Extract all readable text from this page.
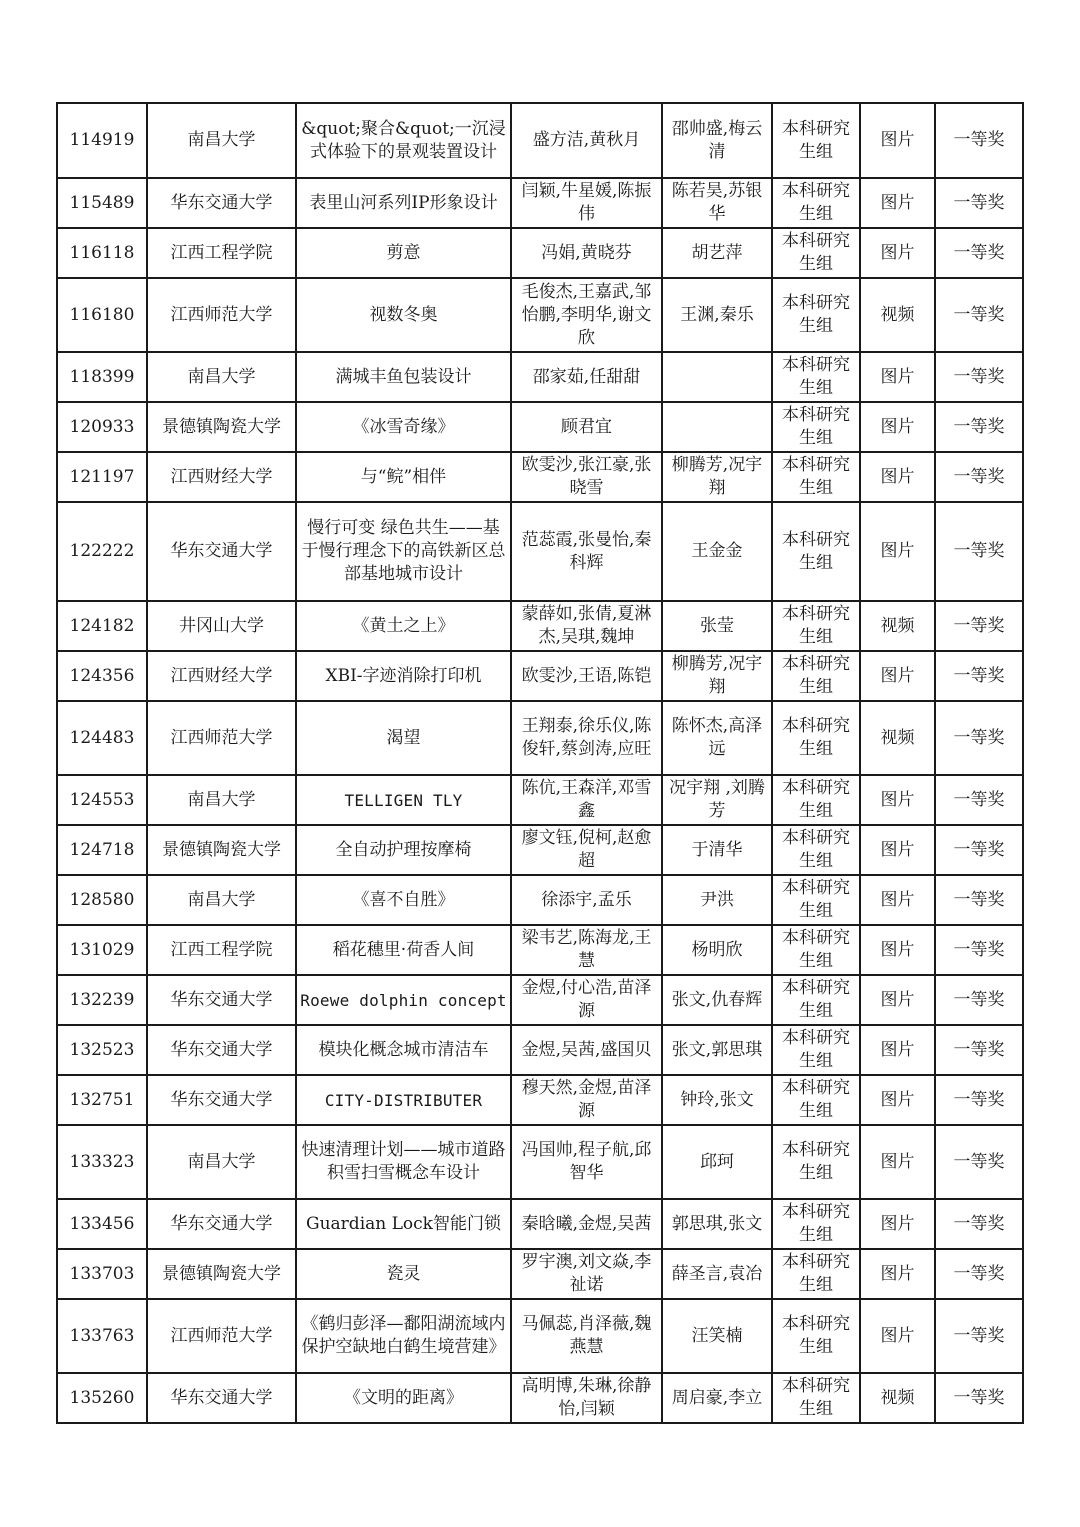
114919	南昌大学	&quot;聚合&quot;一沉浸式体验下的景观装置设计	盛方洁,黄秋月	邵帅盛,梅云清	本科研究生组	图片	一等奖
115489	华东交通大学	表里山河系列IP形象设计	闫颖,牛星媛,陈振伟	陈若昊,苏银华	本科研究生组	图片	一等奖
116118	江西工程学院	剪意	冯娟,黄晓芬	胡艺萍	本科研究生组	图片	一等奖
116180	江西师范大学	视数冬奥	毛俊杰,王嘉武,邹怡鹏,李明华,谢文欣	王渊,秦乐	本科研究生组	视频	一等奖
118399	南昌大学	满城丰鱼包装设计	邵家茹,任甜甜		本科研究生组	图片	一等奖
120933	景德镇陶瓷大学	《冰雪奇缘》	顾君宜		本科研究生组	图片	一等奖
121197	江西财经大学	与“鲩”相伴	欧雯沙,张江豪,张晓雪	柳腾芳,况宇翔	本科研究生组	图片	一等奖
122222	华东交通大学	慢行可变 绿色共生——基于慢行理念下的高铁新区总部基地城市设计	范蕊霞,张曼怡,秦科辉	王金金	本科研究生组	图片	一等奖
124182	井冈山大学	《黄土之上》	蒙薛如,张倩,夏淋杰,吴琪,魏坤	张莹	本科研究生组	视频	一等奖
124356	江西财经大学	XBI-字迹消除打印机	欧雯沙,王语,陈铠	柳腾芳,况宇翔	本科研究生组	图片	一等奖
124483	江西师范大学	渴望	王翔泰,徐乐仪,陈俊轩,蔡剑涛,应旺	陈怀杰,高泽远	本科研究生组	视频	一等奖
124553	南昌大学	TELLIGEN TLY	陈伉,王森洋,邓雪鑫	况宇翔 ,刘腾芳	本科研究生组	图片	一等奖
124718	景德镇陶瓷大学	全自动护理按摩椅	廖文钰,倪柯,赵愈超	于清华	本科研究生组	图片	一等奖
128580	南昌大学	《喜不自胜》	徐添宇,孟乐	尹洪	本科研究生组	图片	一等奖
131029	江西工程学院	稻花穗里·荷香人间	梁韦艺,陈海龙,王慧	杨明欣	本科研究生组	图片	一等奖
132239	华东交通大学	Roewe dolphin concept	金煜,付心浩,苗泽源	张文,仇春辉	本科研究生组	图片	一等奖
132523	华东交通大学	模块化概念城市清洁车	金煜,吴茜,盛国贝	张文,郭思琪	本科研究生组	图片	一等奖
132751	华东交通大学	CITY-DISTRIBUTER	穆天然,金煜,苗泽源	钟玲,张文	本科研究生组	图片	一等奖
133323	南昌大学	快速清理计划——城市道路积雪扫雪概念车设计	冯国帅,程子航,邱智华	邱珂	本科研究生组	图片	一等奖
133456	华东交通大学	Guardian Lock智能门锁	秦晗曦,金煜,吴茜	郭思琪,张文	本科研究生组	图片	一等奖
133703	景德镇陶瓷大学	瓷灵	罗宇澳,刘文焱,李祉诺	薛圣言,袁冶	本科研究生组	图片	一等奖
133763	江西师范大学	《鹤归彭泽—鄱阳湖流域内保护空缺地白鹤生境营建》	马佩蕊,肖泽薇,魏燕慧	汪笑楠	本科研究生组	图片	一等奖
135260	华东交通大学	《文明的距离》	高明博,朱琳,徐静怡,闫颖	周启豪,李立	本科研究生组	视频	一等奖
